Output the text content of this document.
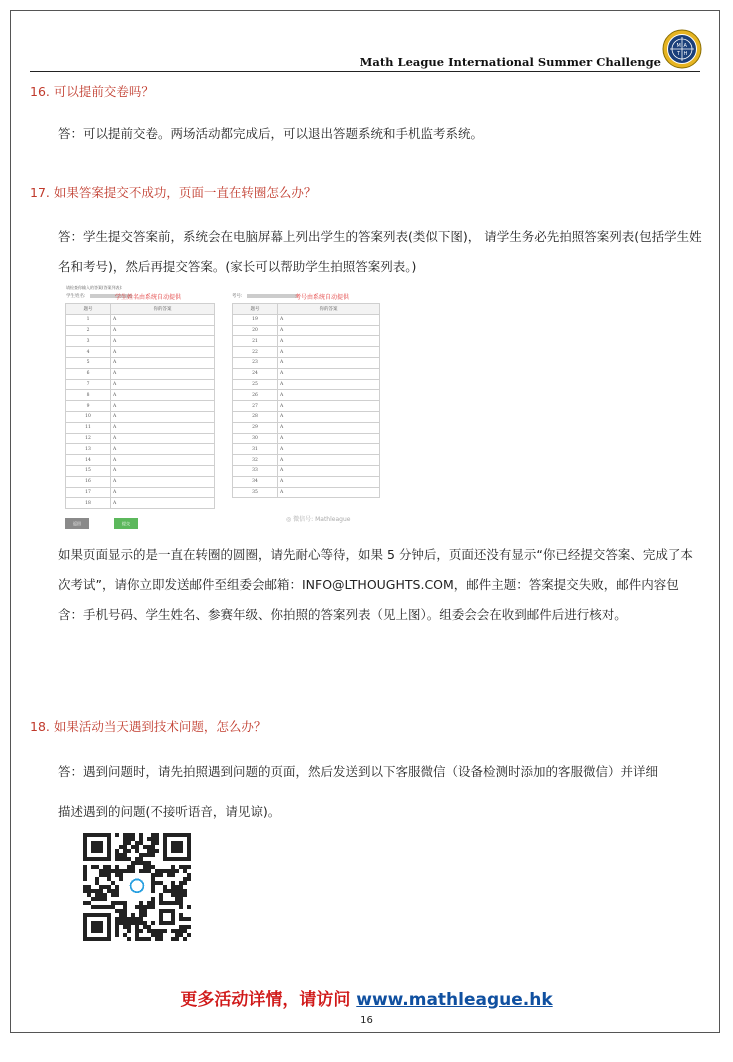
Math League International Summer Challenge
M A
T H
16. 可以提前交卷吗？
答：可以提前交卷。两场活动都完成后，可以退出答题系统和手机监考系统。
17. 如果答案提交不成功，页面一直在转圈怎么办？
答：学生提交答案前，系统会在电脑屏幕上列出学生的答案列表(类似下图)， 请学生务必先拍照答案列表(包括学生姓名和考号)，然后再提交答案。(家长可以帮助学生拍照答案列表。)
请检查你输入的答案(答案列表):
学生姓名:	学生姓名由系统自动提供	考号:	考号由系统自动提供
题号	你的答案
1	A
2	A
3	A
4	A
5	A
6	A
7	A
8	A
9	A
10	A
11	A
12	A
13	A
14	A
15	A
16	A
17	A
18	A
题号	你的答案
19	A
20	A
21	A
22	A
23	A
24	A
25	A
26	A
27	A
28	A
29	A
30	A
31	A
32	A
33	A
34	A
35	A
返回	提交
◎ 微信号: Mathleague
如果页面显示的是一直在转圈的圆圈，请先耐心等待，如果 5 分钟后，页面还没有显示“你已经提交答案、完成了本次考试”，请你立即发送邮件至组委会邮箱：INFO@LTHOUGHTS.COM，邮件主题：答案提交失败，邮件内容包含：手机号码、学生姓名、参赛年级、你拍照的答案列表（见上图）。组委会会在收到邮件后进行核对。
18. 如果活动当天遇到技术问题，怎么办？
答：遇到问题时，请先拍照遇到问题的页面，然后发送到以下客服微信（设备检测时添加的客服微信）并详细
描述遇到的问题(不接听语音，请见谅)。
更多活动详情，请访问 www.mathleague.hk
16
